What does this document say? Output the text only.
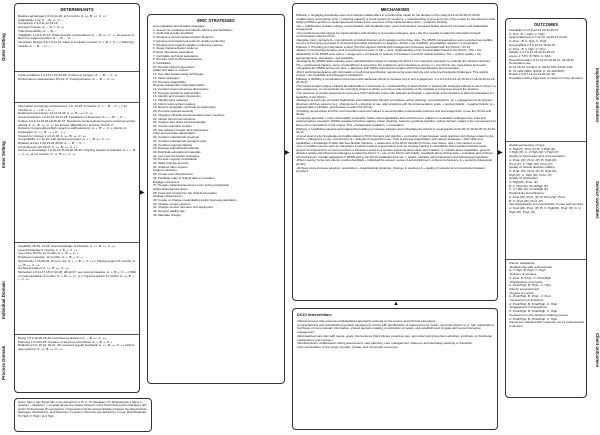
Outer Setting
Inner Setting
Individual Domain
Process Domain
DETERMINANTS
Relative advantage 1,5,10,14,16; at 6 months: A: ++, B: +=, C: +=
Adaptability 1,12: A: -, B: ++, C: +
Complexity 1,3,8,11,12,14,16
General Process: A: --, B: =, C: ++
Trial observability: A: --, B: --
Trialability 1,2,6,9,12,13: Professionals' overburdened: A: --, B: ++, C: ++ No access to DCCI for external parties: A: --, B: --, C: --
Innovation Design 4,5,7,9,13,14: Clear & complete content: A: +, B: +, C: + // Planning module: A: --, B: --, C: --
Local conditions 1,4,14,17,20,24-29: Context of mergers: A: --, B: --, C: ++
Performance measurement 8,9,16-17: Fears/pressure: A: --, B: --, C: ++
Information technology infrastructure 7-9, 24,25; 6 months: A: + --, B: -- C: + // 12 months: A: + -- + B: + C: +
Relational connections 13,14,15,20: A: +/- B: ++/- C: ++
Communications 1,8,12,14-15,21-24; Feedback on document: A: + --, B: --, C: --
Culture 1,8,9,14,16,18,19,20,26,37: Recipients Centeredness/ person centered service valued: A: ++, B: ++, C: ++ but access difficulties for services (A & B, C
Deliverer Centeredness/high regard to staff autonomy: A: +, B: --, C: + priority on exploration: A: + +, B: - + + C: - + +
Tension for change 1,14,16,18: A: ++, B: ++, C: ++
Compatibility 1,7,12,23: with shared processes: A: + --, B: ++, C: ++
Relative priority 1,20,23,24,39-40: A: --, B: --, C: --
Commitment 2,26,35,37: A: ++, B: ++, C: ++
Access to knowledge 7,8,10,14-15,19-20,26-30: Ongoing support at baseline: A: + --, B: --, C: ++; at six months: A: ++, B: ++, C: ++
Capability 26-29, 31-32: level knowledge of baseline: A: ++, B: ++, C: ++
Level knowledge 6 months: A: +, B: +, C: ++
Use of the DCCIs 12 months: A: +, B: +, C: +
Employee expertise: 12 months: A: +, B: +, C: +
Opportunity 1,16,28-32: Time to use: A: +, +, B: +, C: ++ // Clinical support 6 months: A: ++, B: ++, C: ++
Technical support: A: ++, B: ++, C: ++
Motivation 2,6,11,17,18,17,16,25, 28-32,37: see tools at baseline: A: +, B: +, C: + // Mild or implementation 6 months: A: +, B: ++, C: ++ // Implementation 6 months: A: ++, B: + +, C: ++
Doing 7,8,9,18-25,39-40: launched as planned: A: --, B: ++, C: ++
Planning 1,2-9,20-25: Creation of steering committees: A: +, B: +, C: +
Reflecting 2-5, 16,19, 20-21, 35: received regular feedback: A: ++, B: ++, C: ++ held to give opinions: A: ++, B: ++, C: ++
ERIC STRATEGIES
Use evaluative and iterative strategies
1. Assess for readiness and identify barriers and facilitators
2. Audit and provide feedback
3. Develop a formal implementation blueprint
4. Develop and implement tools for quality monitoring
5. Develop and organize quality monitoring systems
6. Stage implementation scale up
Provide interactive assistance
7. Centralize technical assistance
8. Provide local technical assistance
9. Facilitation
10. Provide clinical supervision
Adapt and tailor to context
11. Use data warehousing techniques
12. Tailor strategies
13. Promote adaptability
Develop stakeholder interrelationships
14. Conduct local consensus discussions
15. Develop academic partnerships
16. Identify and prepare champions
17. Identify early adopters
18. Inform local opinion leaders
19. Recruit, designate, and train for leadership
20. Promote network weaving
21. Organize clinician implementation team meetings
22. Obtain formal commitments
23. Capture and share local knowledge
24. Involve executive boards
25. Use advisory boards and workgroups
Train and educate stakeholders
26. Conduct educational meetings
27. Conduct educational outreach visits
28. Conduct ongoing training
29. Develop educational materials
30. Distribute educational materials
31. Use train-the-trainer strategies
32. Provide ongoing consultation
33. Make training dynamic
34. Shadow other experts
Support clinicians
35. Create new clinical teams
36. Facilitate relay of clinical data to providers
Engage consumers
37. Prepare patients/consumers to be active participants
Utilize financial incentives
38. Fund and contract for the clinical innovation
Change infrastructure
39. Create or change credentialing and/or licensure standards
40. Change record systems
41. Change service structure and equipment
42. Develop liability law
43. Mandate change
MECHANISMS
Pathway 1. Engaging knowledge users and relevant stakeholders in a partnership model for the duration of the study 8-14-22-33-26-37-39-40
-Collaborative Governance (CG) + collective capacity & social support of members, + understanding of pros and cons of the project by site directors while helping MSSS members to understand local culture & the resources of the implementation sites, + proactive thinking.
-CG + collaborative problem solving, communication with feedback loops, good commitment, increased beliefs about the innovation and stakeholder engagement.
-CG provided external support for implementation with sharing of successful strategies, and + the time needed to adapt the innovation through communication with the DCCI.
-Mandate, fund, contracts & + commitments of clinical directors and managers at the three sites. The MSSS representatives were perceived as credible sources & incentives promoted & reinforced favourable behaviours to adoption. All this + the feasibility, acceptability, adoption, & penetration.
Pathway 2. Providing an information system (IS) that supports clinical and management processes associated with the DCCIs 7-11-13
-Based on incremental, iterative work & involvement of users, it will + users' understanding of key functionalities linked to the DCCIs. This + the adaptability of the RSIPA suite with a + design and + complexity to achieve a fit between it and the clinical workflow. The + system quality + the appropriateness, acceptance, and feasibility.
-Reshaping the RSIPA while retaining some standardization helped to maintain the DCCI's core elements necessary to evaluate the clinical outcomes. The + professional training, sense of self-efficacy & gave them the confidence and motivation to pursue. It + the DCCIs use, penetration and reach.
-Integrating the RSIPA across the sites, + alignment with MSSS performance targets which favoured adoption and penetration.
-DCCI technical assistance with information on technical specification requirements supported site and solved technological challenges. This quickly service + the feasibility and subsequent satisfaction.
Pathway 3. Building a coordinated environment with deliberate efforts to increase buy-in and engagement. 1-2-3-4-5-6-8-13-14-15-16-17-18-19-20-21-24-25-26-37
-Pre-implementation phase included all stakeholders in discussion & + understanding of determinants. It helped plan strategies tailored to each context, to raise awareness, to communicate the upcoming project to obtain a common understanding of the mandate & consensus around the decision.
-The presence of positive antecedents and some DCCI attributes in line with attitudes and beliefs + opportunity and motivation of directors/managers & + feasibility of the DCCIs.
-Managers at each site promoted stakeholder interrelationships through committees, action planning, communications, for + engagement of all relevant directions with key persons (e.g., champions) & + intention to use, align practices with the implementation goals, + positive beliefs, - negative beliefs, to + professionals' motivation, and decision to adopt the DCCIs.
-Providing opportunities and the most important resources helped to accommodate professionals practices and encourage them to use the DCCIs with fidelity.
-A stepwise approach + early observability of benefits, beliefs about capabilities and reinforcement. Addition of evaluative strategies from sites and external parties (research, MSSS) sustained decision-making, action planning, helped to graduate activities, reduce barriers, adapt to the unexpected and keep a firm commitment to the project. This + behavioural regulation, + penetration.
Pathway 4. Facilitating capacity and relationship building to increase adoption and embedding the DCCIs in usual practice 8-10-26-27-28-29-30-31-32-33-34-36
-A good level of prior knowledge and skills related to DCCI concepts and practice + perception of gap between usual practices and change related to the DCCIs + willingness to use, commitment, & + attitudes through DCCI use. Train & educate stakeholders with various strategies + their skills and capabilities + knowledge & skills with less familiar practices, + awareness of the DCCI benefits for home care clients, and + commitment to use.
-Use of credible sources such as champions & opinion leaders & approaches such as ongoing training & consultation that provided practical social support and instructions on how to perform a behaviour acted as a positive signal via observation and imitation. It + beliefs about capabilities, general attitudes beliefs and influenced colleagues to adopt the DCCI. It + use of the DCCIs with fidelity. Feedback about clinical data + motivation and reinforce their behaviours. Parallel adaptation in RSIPA and to the DCCIs facilitated their use, + beliefs, attitudes about behaviours and behavioural regulation.
-When meeting home care clients, positive feedback + individual the esteem, sense of accomplishment, reinforce behaviours, & + social & professional identity.
-All these steps increase adoption, penetration + organizational dynamics, changes in practices & + quality of networks & communication between providers.
OUTCOMES
Feasibility 2,3,6,9,12,13,20-32,36,37
A: Proc. B: + high, C: High
Appropriateness 3,7,12,13, 14,20,21,24,26
A: Proc., B: V. high, C: High
Acceptability 2,3,6,12-14,16,20-32
A: Proc., B: V high, C: Proc.
Fidelity 1-3,7,8,12,15,16,24,26,29
score: A: 57%, B: 58%, C: 64%
Dose/Penetration 6,11,13,14,18,20,21, 24,25,43
Penetration rate
(6-12-16-24 months): A: 30/16-70%-12/44-7/30,
B: 73-12/8-100% (12/26: C: 21-100-90%)
Reach 1-3,5,7,13-14,16,20-29, 43:
Population with a high level of needs in many domains
Global perspective of care
A: High(V), Pr/vi, (F) B: V High (R),
V High (P): C: V High (R), V High (P)
Quality of information and communication
A: Prod. (W), Prod. (P): B: High (R),
Prod. (F): C: High (W), Prod. (P)
Quality of clinical decision-making
A: Prod. (W), Prod. (P): B: High (R),
High (P): C: High (W), Prod. (P)
Quality of information
A: High(W), Prod. (P)
B: V: High (R), Prod/High (P)
C: V: High (R), Prod/High (P)
Productivity and efficiency
A: Prod.(W), Prod. (P): B: Prod.(W), Prod.
B, C: Prod.(W), Prod. (P)
Interdisciplinarity and coordination of care and services
A: Prod (W), Prod. (P): B: V: High(W), Prod. (P): C: V. High (W), Prod. (P)
Clients' satisfaction
-Relationship with professionals
A: V High, B: High, C: High
-Delivery of services
A: Prod, B: Prod., C: Prod/High
-Organization of services
A: Prod/High, B: Prod., C: High
Clients' empowerment
-Degree of control
A: Prod/High, B: Prod., C: Mod
-Involvement in decisions
A: Prod/High, B: Prod/High, C: High
-Engagement in interactions
A: Prod/High, B: Prod/High, C: High
Involvement in the decision-making process
A: Prod/High, B: Prod/High, C: High
Clients are satisfied with computer use by professionals in all sites.
Implementation outcomes
Service outcomes
Client outcomes
▶
▶	▶
▲
DCCI intervention:
Clinical process that promotes individualized approach centered on the person and informal caregivers.
Comprehensive and standardized geriatric assessment (CGA) with identification of preferences for needs, and risks factors (e.g., fall, malnutrition).
Synthesis of more relevant information, shared decision-making, prioritization of needs, and establishment of goals with person/caregiver engagement.
Individualized care plan with needs, goals, interventions that includes proactive care, promotion and prevention activities; emphasis on functional maintenance and recovery.
Interdisciplinary collaboration during assessment, care planning, care management, follow-up and discharge planning or transition.
Care coordination of the range of public, private, and community resources.
Notes: Site A, Site B and Site C are denoted by A, B, C. H= Managers, P= Professionals // Signs (+ positive), - (negative), = (neutral) denote the relative influence of the Determinants from Managers (W) and/or Professionals (P) perceptions // Superscript number denote linkages between the Determinants, Strategies, Mechanisms, and Outcomes // Levels in Outcomes are defined by: L=Low, Mod=Moderate, H= High, V. High= Very High.
